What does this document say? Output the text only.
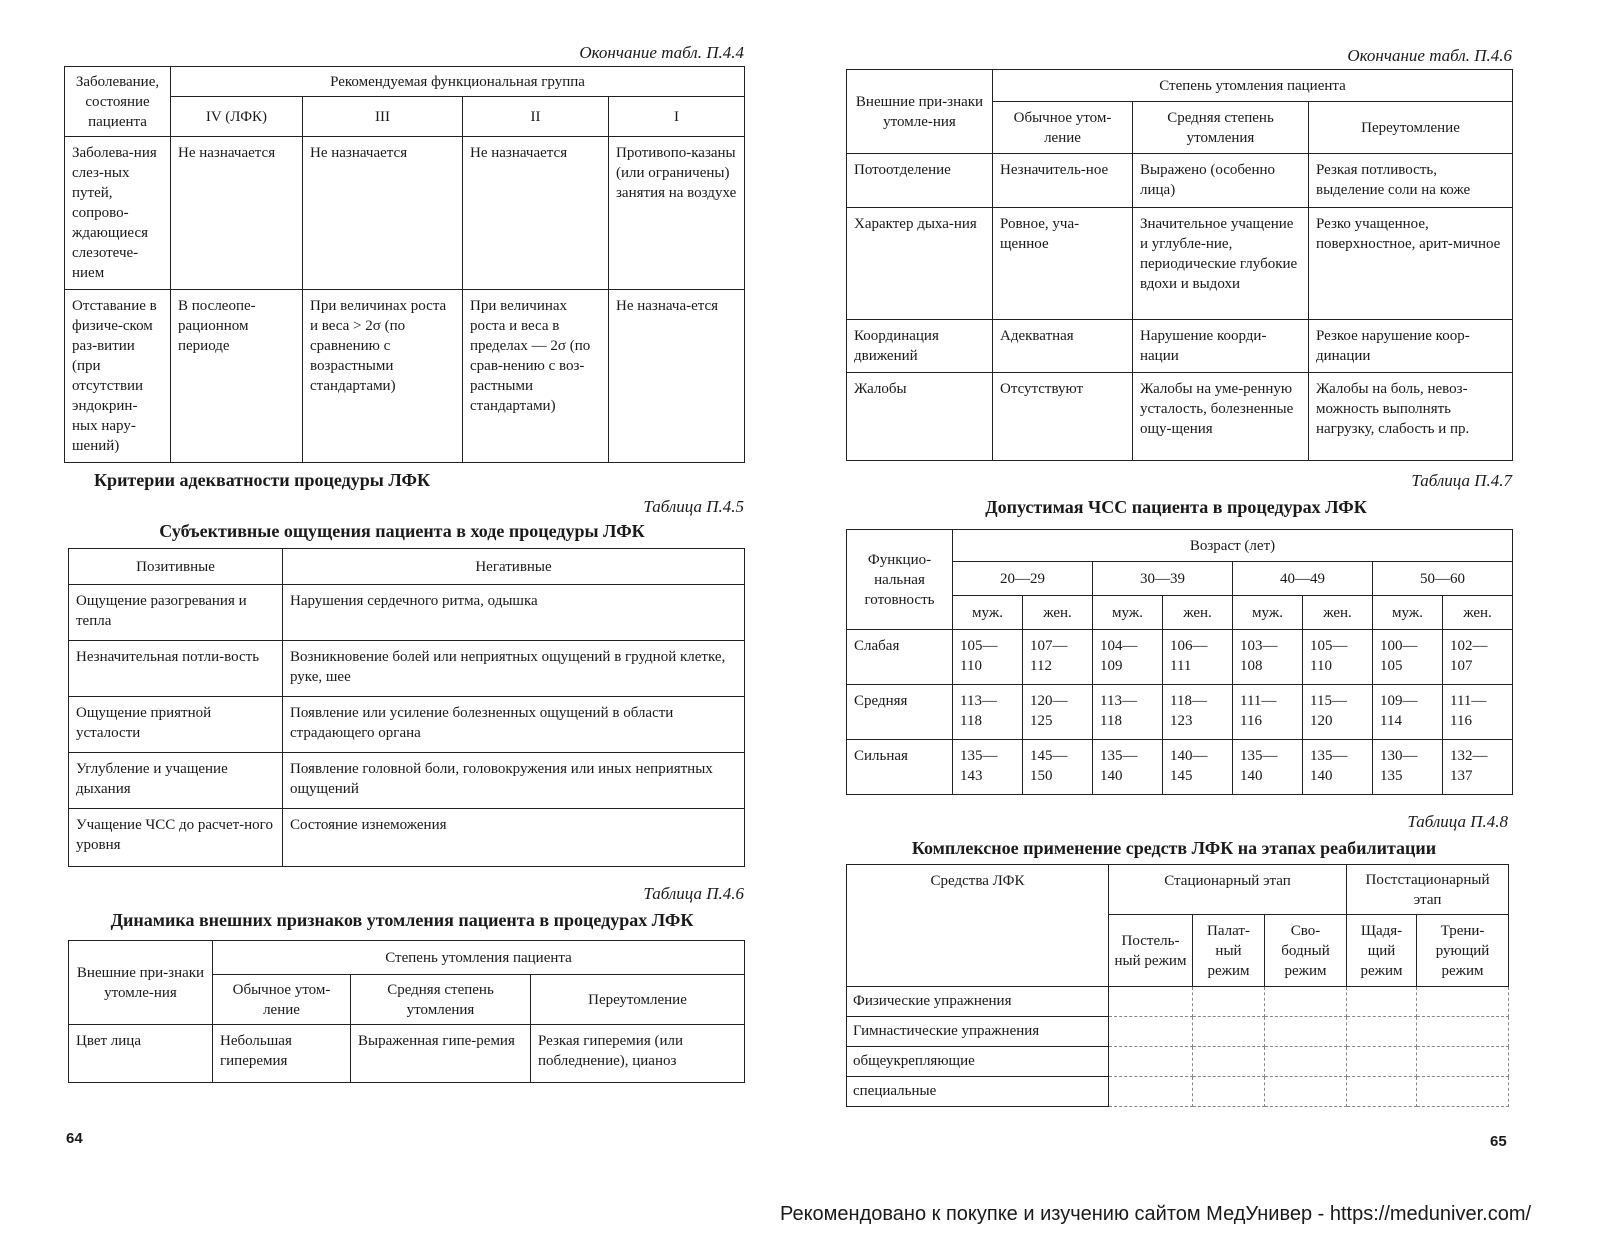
Окончание табл. П.4.4
Заболевание, состояние пациента	Рекомендуемая функциональная группа			
	IV (ЛФК)	III	II	I
Заболева-ния слез-ных путей, сопрово-ждающиеся слезотече-нием	Не назначается	Не назначается	Не назначается	Противопо-казаны (или ограничены) занятия на воздухе
Отставание в физиче-ском раз-витии (при отсутствии эндокрин-ных нару-шений)	В послеопе-рационном периоде	При величинах роста и веса > 2σ (по сравнению с возрастными стандартами)	При величинах роста и веса в пределах — 2σ (по срав-нению с воз-растными стандартами)	Не назнача-ется
Критерии адекватности процедуры ЛФК
Таблица П.4.5
Субъективные ощущения пациента в ходе процедуры ЛФК
Позитивные	Негативные
Ощущение разогревания и тепла	Нарушения сердечного ритма, одышка
Незначительная потли-вость	Возникновение болей или неприятных ощущений в грудной клетке, руке, шее
Ощущение приятной усталости	Появление или усиление болезненных ощущений в области страдающего органа
Углубление и учащение дыхания	Появление головной боли, головокружения или иных неприятных ощущений
Учащение ЧСС до расчет-ного уровня	Состояние изнеможения
Таблица П.4.6
Динамика внешних признаков утомления пациента в процедурах ЛФК
Внешние при-знаки утомле-ния	Степень утомления пациента		
	Обычное утом-ление	Средняя степень утомления	Переутомление
Цвет лица	Небольшая гиперемия	Выраженная гипе-ремия	Резкая гиперемия (или побледнение), цианоз
64
Окончание табл. П.4.6
Внешние при-знаки утомле-ния	Степень утомления пациента		
	Обычное утом-ление	Средняя степень утомления	Переутомление
Потоотделение	Незначитель-ное	Выражено (особенно лица)	Резкая потливость, выделение соли на коже
Характер дыха-ния	Ровное, уча-щенное	Значительное учащение и углубле-ние, периодические глубокие вдохи и выдохи	Резко учащенное, поверхностное, арит-мичное
Координация движений	Адекватная	Нарушение коорди-нации	Резкое нарушение коор-динации
Жалобы	Отсутствуют	Жалобы на уме-ренную усталость, болезненные ощу-щения	Жалобы на боль, невоз-можность выполнять нагрузку, слабость и пр.
Таблица П.4.7
Допустимая ЧСС пациента в процедурах ЛФК
Функцио-нальная готовность	Возраст (лет)							
	20—29		30—39		40—49		50—60	
	муж.	жен.	муж.	жен.	муж.	жен.	муж.	жен.
Слабая	105—110	107—112	104—109	106—111	103—108	105—110	100—105	102—107
Средняя	113—118	120—125	113—118	118—123	111—116	115—120	109—114	111—116
Сильная	135—143	145—150	135—140	140—145	135—140	135—140	130—135	132—137
Таблица П.4.8
Комплексное применение средств ЛФК на этапах реабилитации
Средства ЛФК	Стационарный этап			Постстационарный этап	
	Постель-ный режим	Палат-ный режим	Сво-бодный режим	Щадя-щий режим	Трени-рующий режим
Физические упражнения					
Гимнастические упражнения					
общеукрепляющие					
специальные					
65
Рекомендовано к покупке и изучению сайтом МедУнивер - https://meduniver.com/
